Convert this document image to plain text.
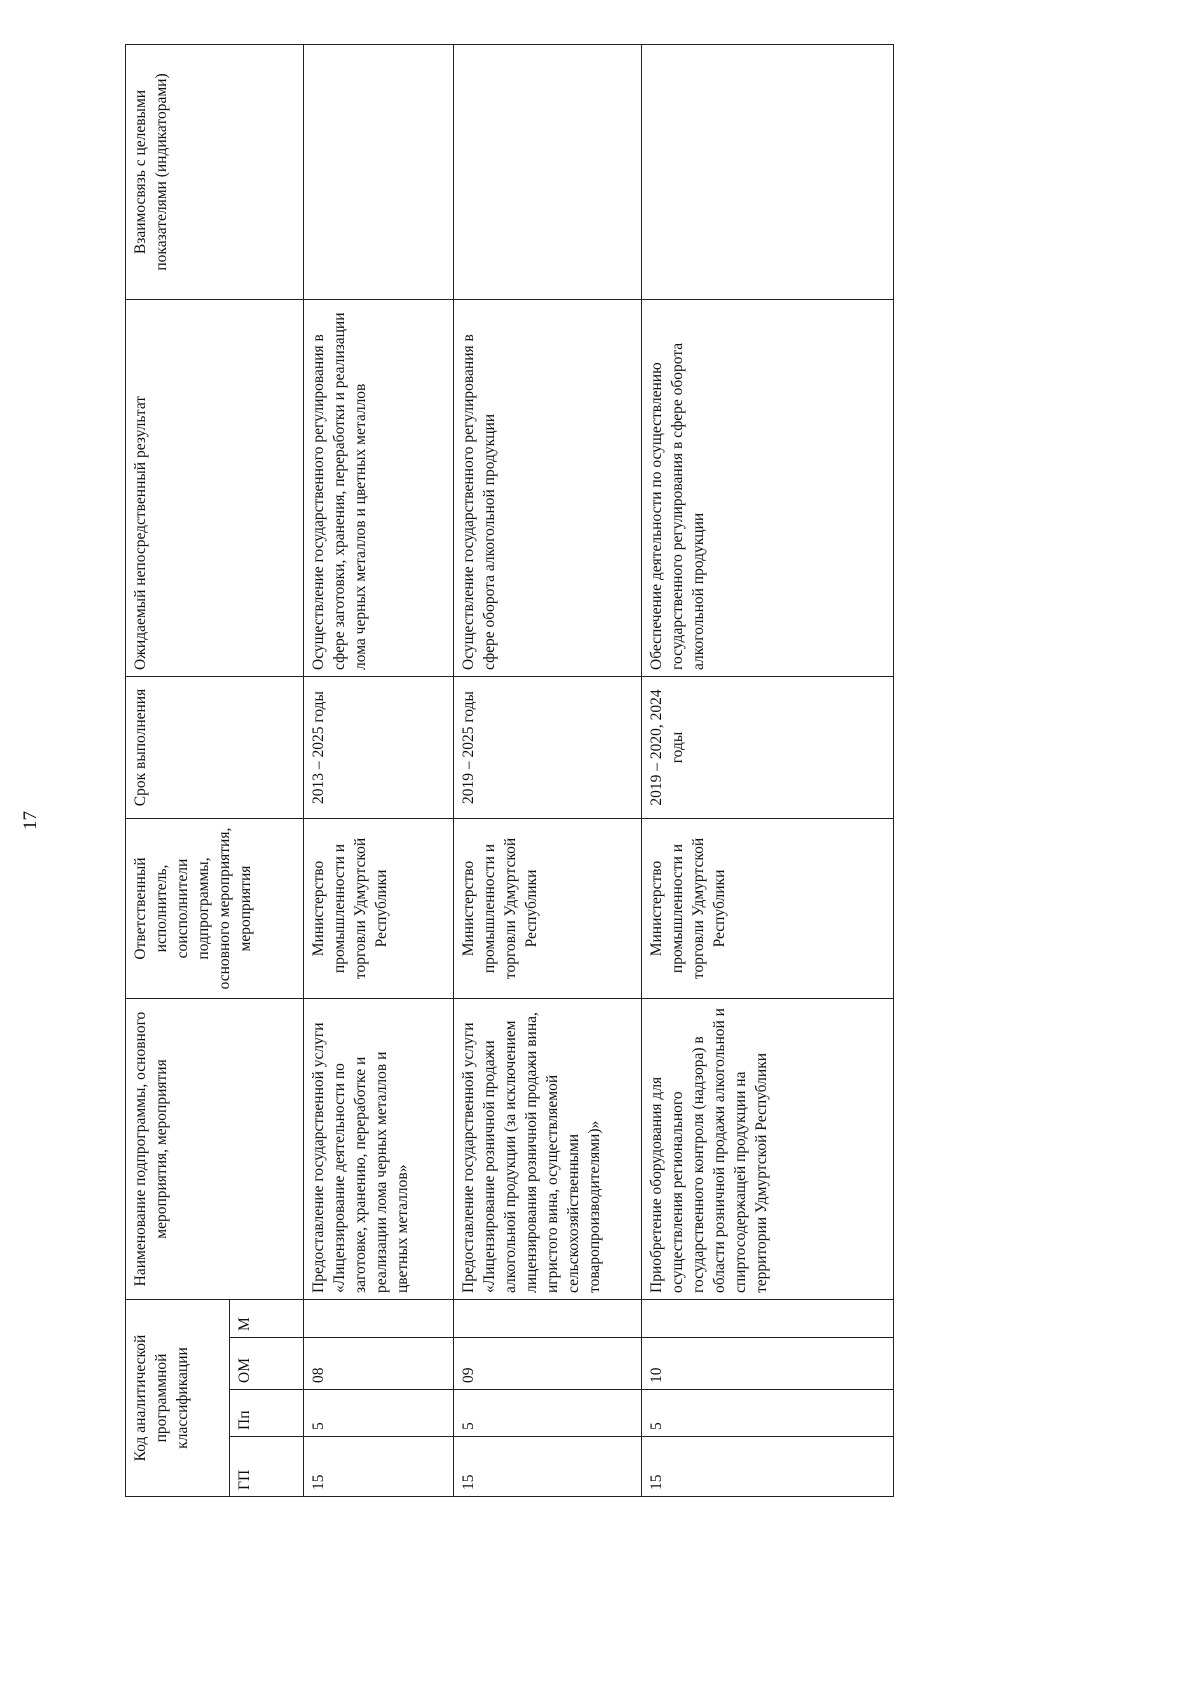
17
Код аналитической программной классификации				Наименование подпрограммы, основного мероприятия, мероприятия	Ответственный исполнитель, соисполнители подпрограммы, основного мероприятия, мероприятия	Срок выполнения	Ожидаемый непосредственный результат	Взаимосвязь с целевыми показателями (индикаторами)
ГП	Пп	ОМ	М					
15	5	08		Предоставление государственной услуги «Лицензирование деятельности по заготовке, хранению, переработке и реализации лома черных металлов и цветных металлов»	Министерство промышленности и торговли Удмуртской Республики	2013 – 2025 годы	Осуществление государственного регулирования в сфере заготовки, хранения, переработки и реализации лома черных металлов и цветных металлов	
15	5	09		Предоставление государственной услуги «Лицензирование розничной продажи алкогольной продукции (за исключением лицензирования розничной продажи вина, игристого вина, осуществляемой сельскохозяйственными товаропроизводителями)»	Министерство промышленности и торговли Удмуртской Республики	2019 – 2025 годы	Осуществление государственного регулирования в сфере оборота алкогольной продукции	
15	5	10		Приобретение оборудования для осуществления регионального государственного контроля (надзора) в области розничной продажи алкогольной и спиртосодержащей продукции на территории Удмуртской Республики	Министерство промышленности и торговли Удмуртской Республики	2019 – 2020, 2024 годы	Обеспечение деятельности по осуществлению государственного регулирования в сфере оборота алкогольной продукции	
